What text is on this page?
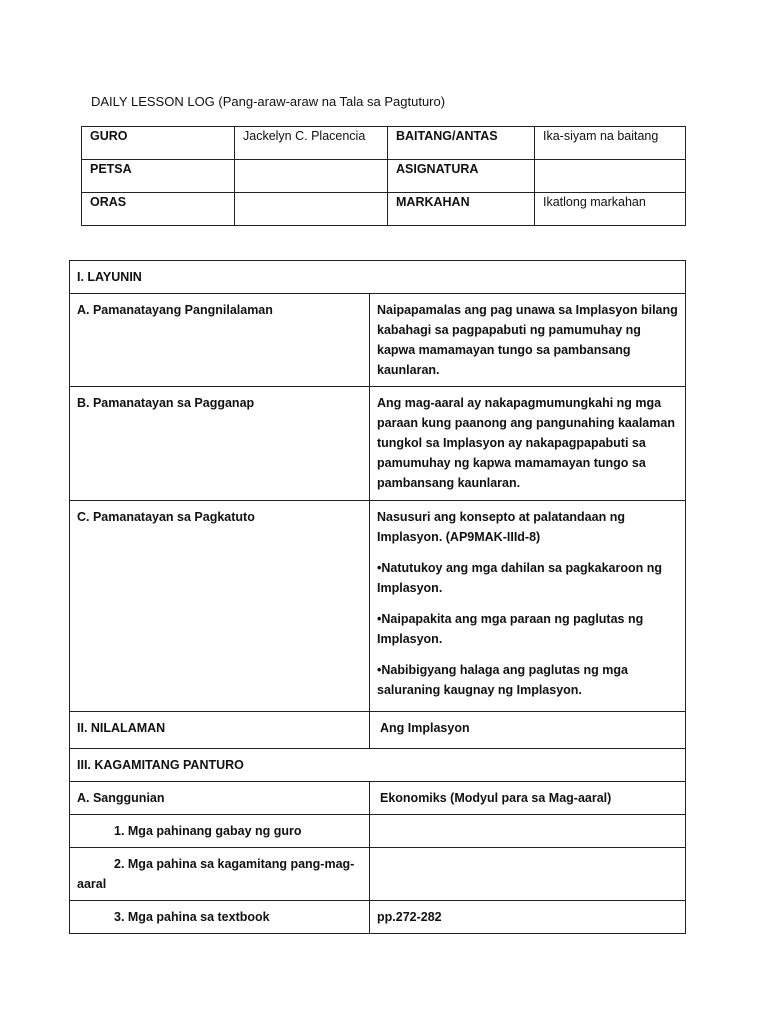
DAILY LESSON LOG (Pang-araw-araw na Tala sa Pagtuturo)
GURO	Jackelyn C. Placencia	BAITANG/ANTAS	Ika-siyam na baitang
PETSA		ASIGNATURA	
ORAS		MARKAHAN	Ikatlong markahan
I. LAYUNIN	
A. Pamanatayang Pangnilalaman	Naipapamalas ang pag unawa sa Implasyon bilang kabahagi sa pagpapabuti ng pamumuhay ng kapwa mamamayan tungo sa pambansang kaunlaran.
B. Pamanatayan sa Pagganap	Ang mag-aaral ay nakapagmumungkahi ng mga paraan kung paanong ang pangunahing kaalaman tungkol sa Implasyon ay nakapagpapabuti sa pamumuhay ng kapwa mamamayan tungo sa pambansang kaunlaran.
C. Pamanatayan sa Pagkatuto	Nasusuri ang konsepto at palatandaan ng Implasyon. (AP9MAK-IIId-8)
•Natutukoy ang mga dahilan sa pagkakaroon ng Implasyon.
•Naipapakita ang mga paraan ng paglutas ng Implasyon.
•Nabibigyang halaga ang paglutas ng mga saluraning kaugnay ng Implasyon.

II. NILALAMAN	Ang Implasyon
III. KAGAMITANG PANTURO	
A. Sanggunian	Ekonomiks (Modyul para sa Mag-aaral)
1. Mga pahinang gabay ng guro	
2. Mga pahina sa kagamitang pang-mag-aaral	
3. Mga pahina sa textbook	pp.272-282
